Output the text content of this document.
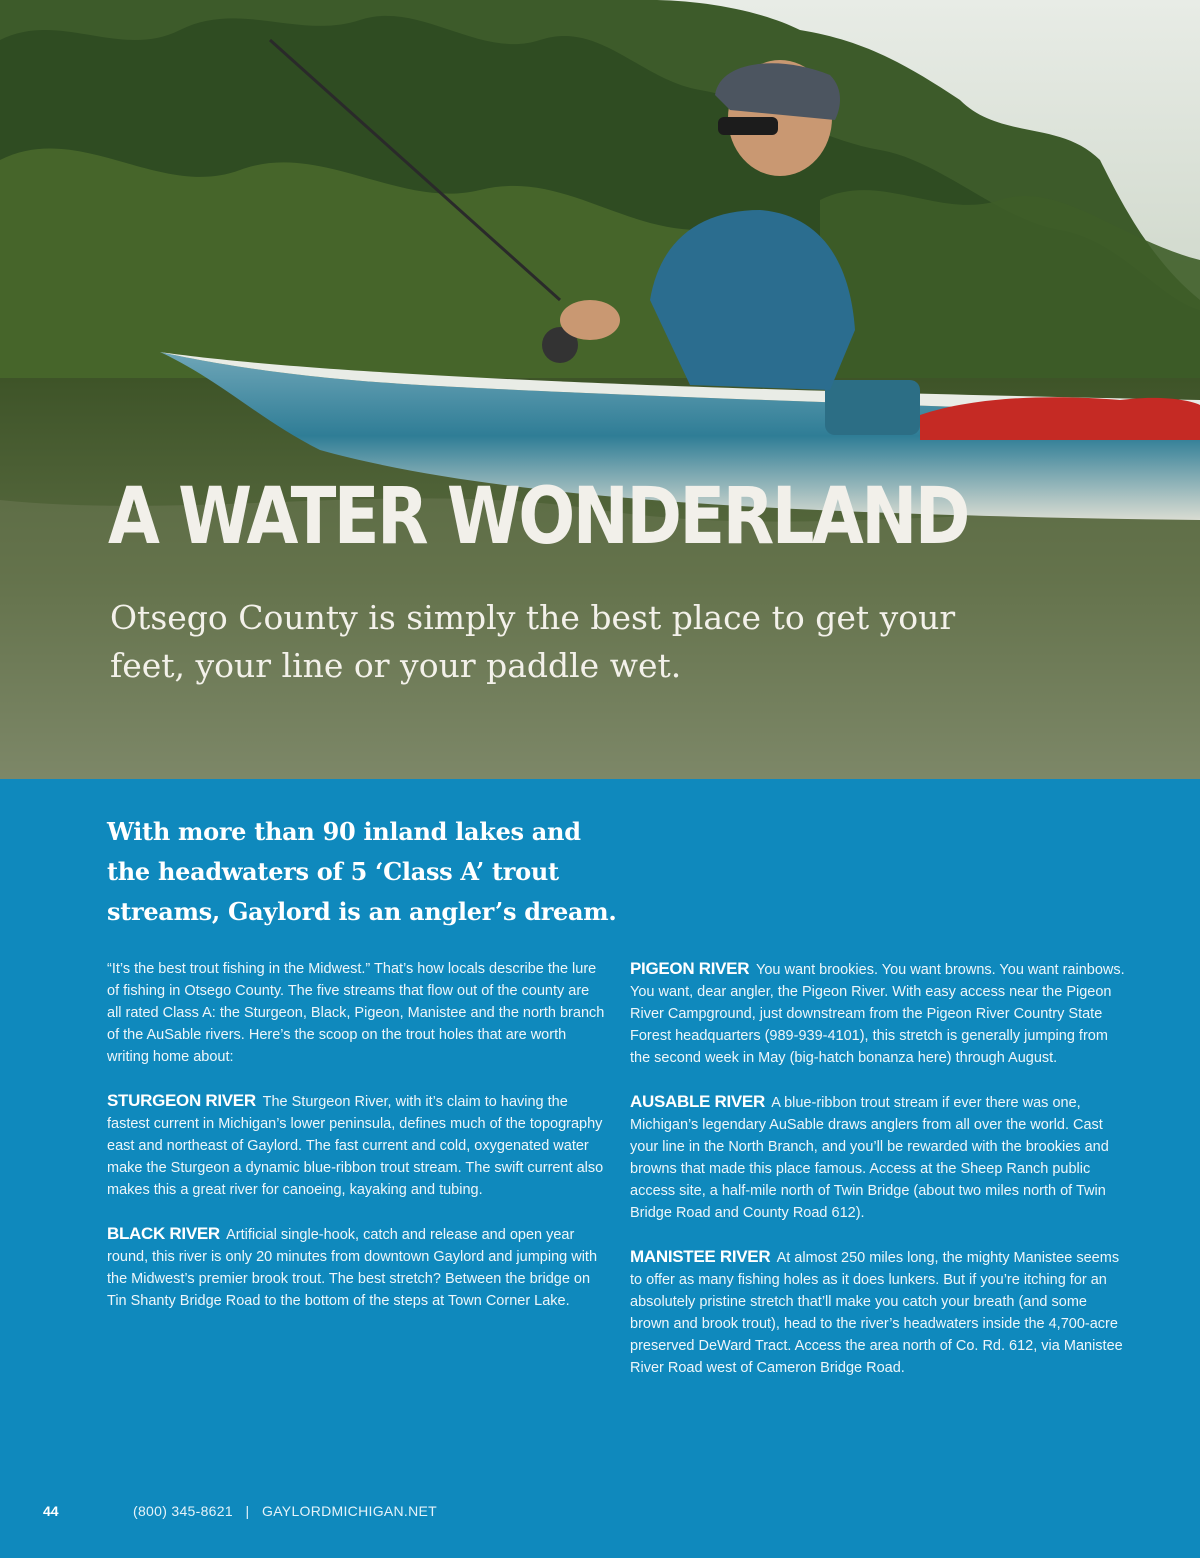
A WATER WONDERLAND

Otsego County is simply the best place to get your feet, your line or your paddle wet.

With more than 90 inland lakes and the headwaters of 5 ‘Class A’ trout streams, Gaylord is an angler’s dream.

“It’s the best trout fishing in the Midwest.” That’s how locals describe the lure of fishing in Otsego County. The five streams that flow out of the county are all rated Class A: the Sturgeon, Black, Pigeon, Manistee and the north branch of the AuSable rivers. Here’s the scoop on the trout holes that are worth writing home about:

STURGEON RIVER The Sturgeon River, with it’s claim to having the fastest current in Michigan’s lower peninsula, defines much of the topography east and northeast of Gaylord. The fast current and cold, oxygenated water make the Sturgeon a dynamic blue-ribbon trout stream. The swift current also makes this a great river for canoeing, kayaking and tubing.

BLACK RIVER Artificial single-hook, catch and release and open year round, this river is only 20 minutes from downtown Gaylord and jumping with the Midwest’s premier brook trout. The best stretch? Between the bridge on Tin Shanty Bridge Road to the bottom of the steps at Town Corner Lake.

PIGEON RIVER You want brookies. You want browns. You want rainbows. You want, dear angler, the Pigeon River. With easy access near the Pigeon River Campground, just downstream from the Pigeon River Country State Forest headquarters (989-939-4101), this stretch is generally jumping from the second week in May (big-hatch bonanza here) through August.

AUSABLE RIVER A blue-ribbon trout stream if ever there was one, Michigan’s legendary AuSable draws anglers from all over the world. Cast your line in the North Branch, and you’ll be rewarded with the brookies and browns that made this place famous. Access at the Sheep Ranch public access site, a half-mile north of Twin Bridge (about two miles north of Twin Bridge Road and County Road 612).

MANISTEE RIVER At almost 250 miles long, the mighty Manistee seems to offer as many fishing holes as it does lunkers. But if you’re itching for an absolutely pristine stretch that’ll make you catch your breath (and some brown and brook trout), head to the river’s headwaters inside the 4,700-acre preserved DeWard Tract. Access the area north of Co. Rd. 612, via Manistee River Road west of Cameron Bridge Road.

44	(800) 345-8621   |   GAYLORDMICHIGAN.NET
